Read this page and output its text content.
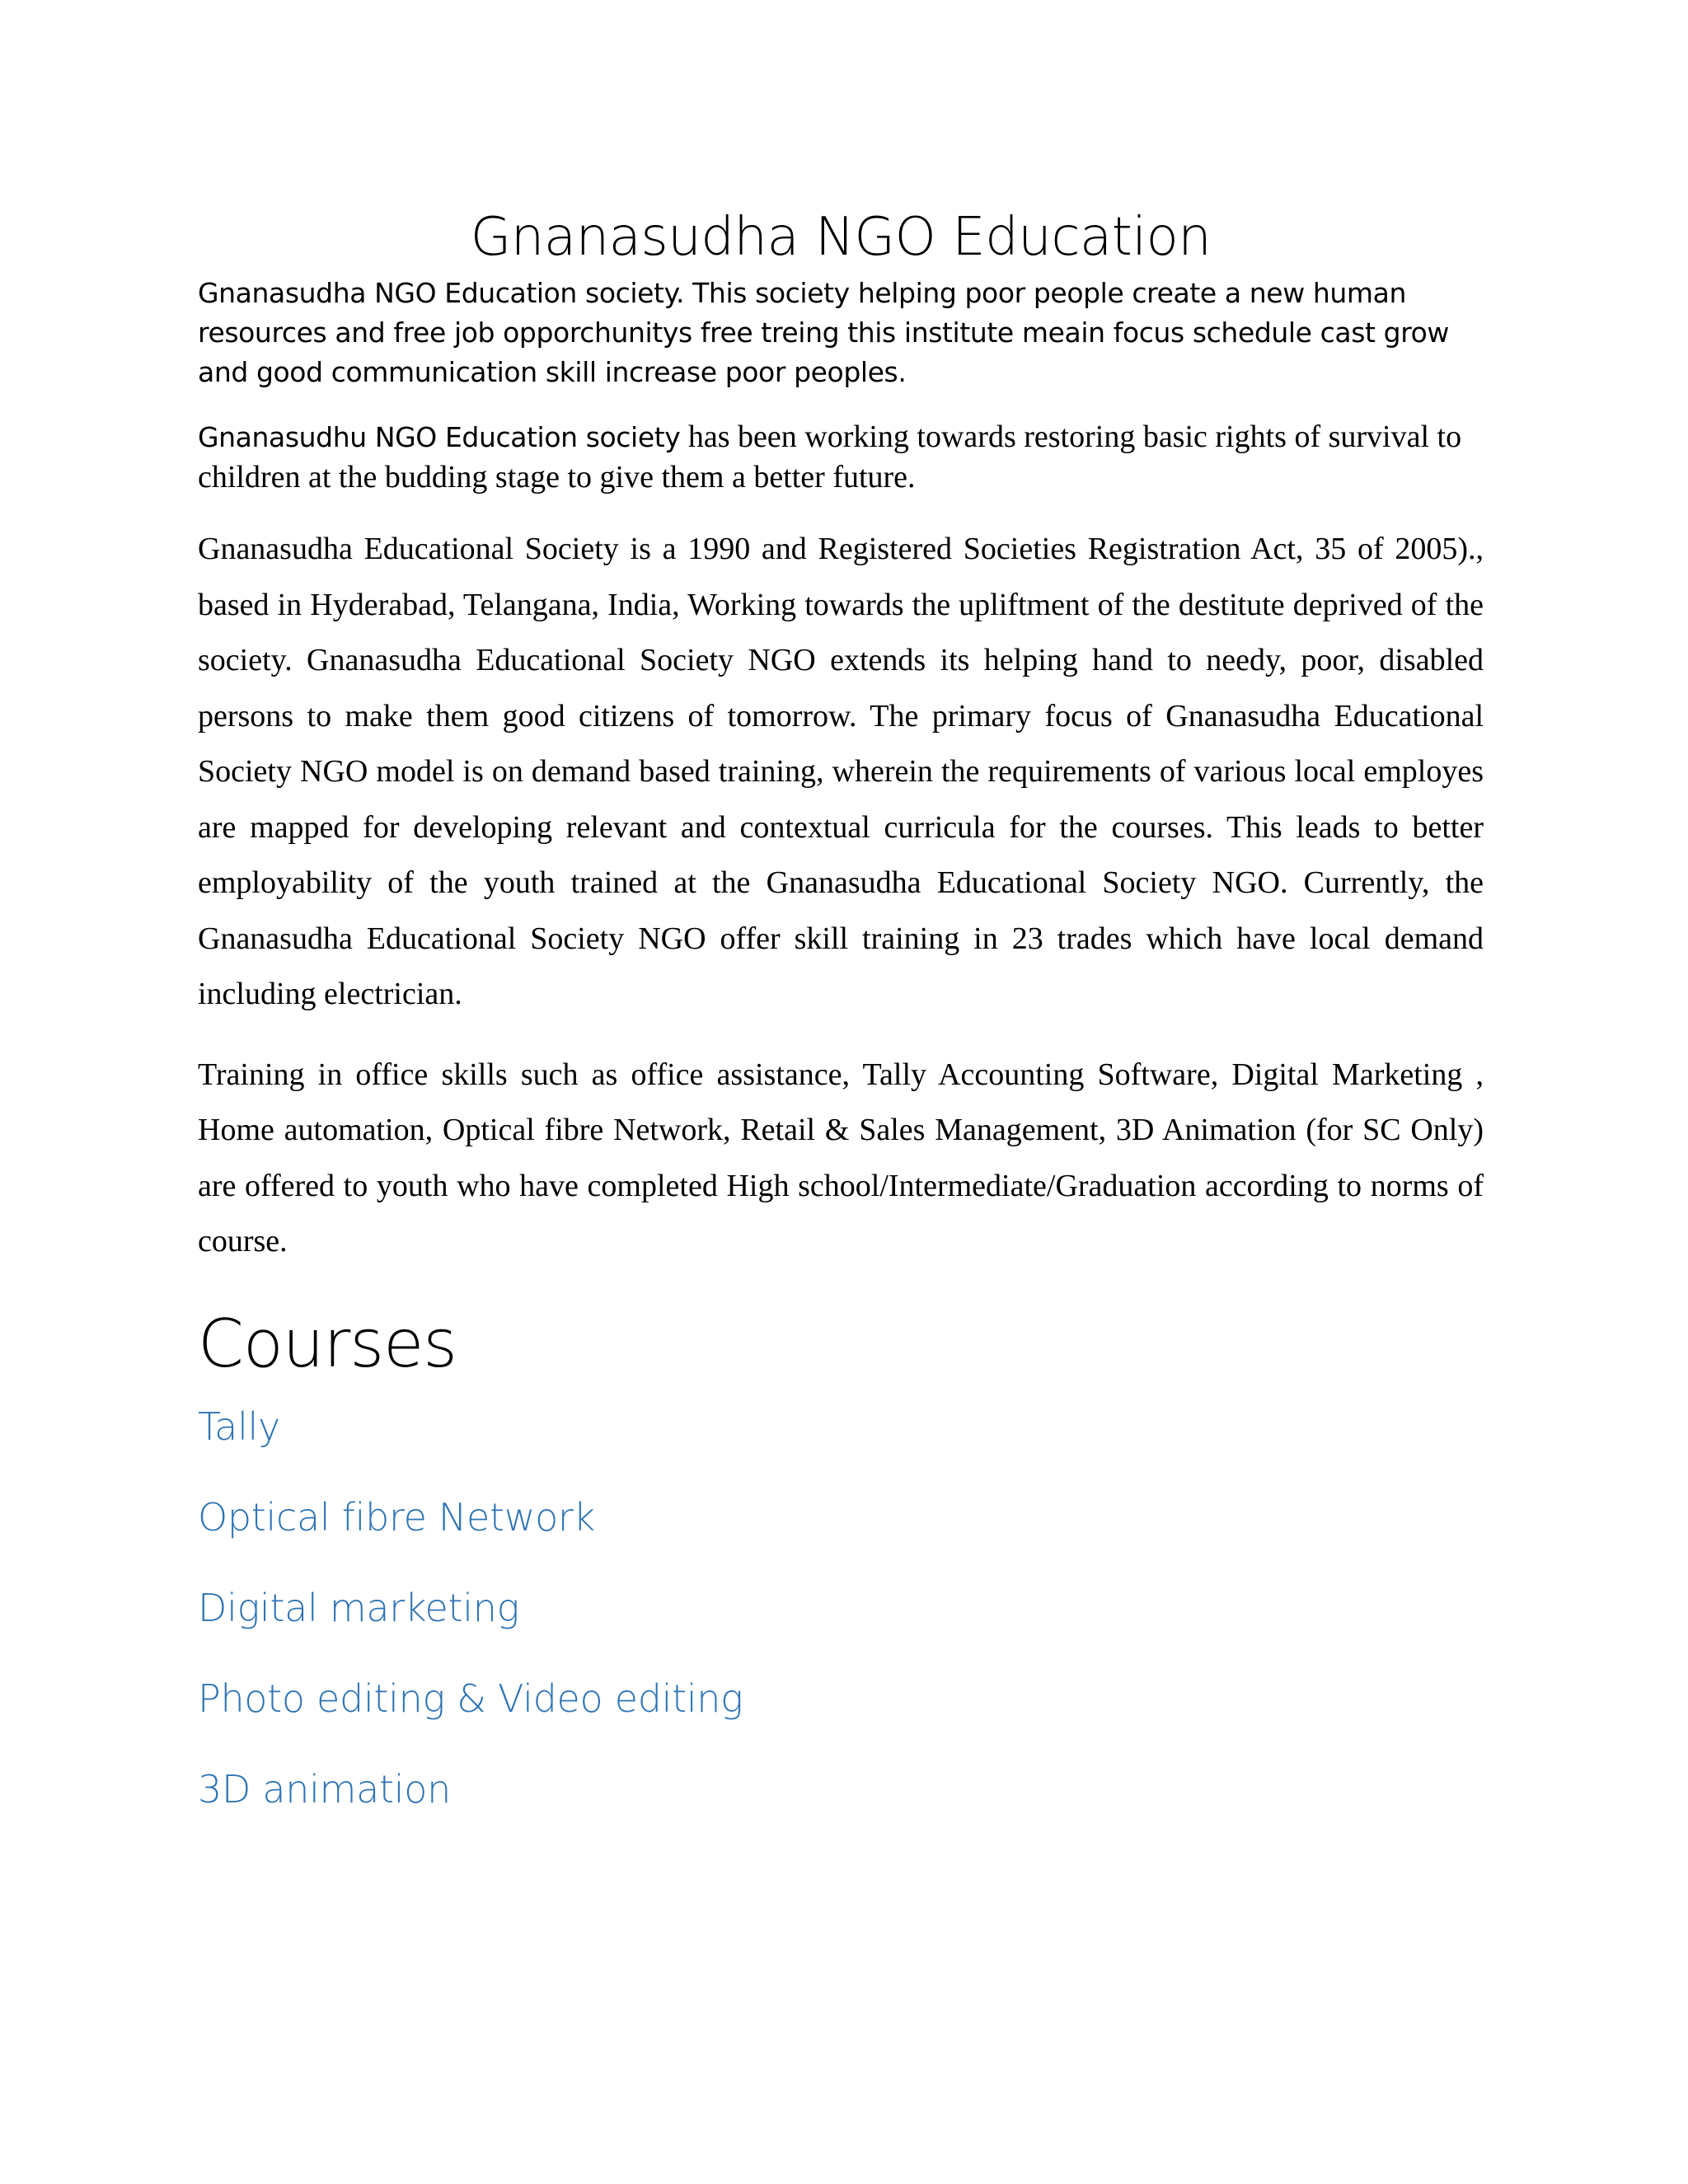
Gnanasudha NGO Education

Gnanasudha NGO Education society. This society helping poor people create a new human resources and free job opporchunitys free treing this institute meain focus schedule cast grow and good communication skill increase poor peoples.

Gnanasudhu NGO Education society has been working towards restoring basic rights of survival to children at the budding stage to give them a better future.

Gnanasudha Educational Society is a 1990 and Registered Societies Registration Act, 35 of 2005)., based in Hyderabad, Telangana, India, Working towards the upliftment of the destitute deprived of the society. Gnanasudha Educational Society NGO extends its helping hand to needy, poor, disabled persons to make them good citizens of tomorrow. The primary focus of Gnanasudha Educational Society NGO model is on demand based training, wherein the requirements of various local employes are mapped for developing relevant and contextual curricula for the courses. This leads to better employability of the youth trained at the Gnanasudha Educational Society NGO. Currently, the Gnanasudha Educational Society NGO offer skill training in 23 trades which have local demand including electrician.

Training in office skills such as office assistance, Tally Accounting Software, Digital Marketing , Home automation, Optical fibre Network, Retail & Sales Management, 3D Animation (for SC Only) are offered to youth who have completed High school/Intermediate/Graduation according to norms of course.

Courses
Tally
Optical fibre Network
Digital marketing
Photo editing & Video editing
3D animation
